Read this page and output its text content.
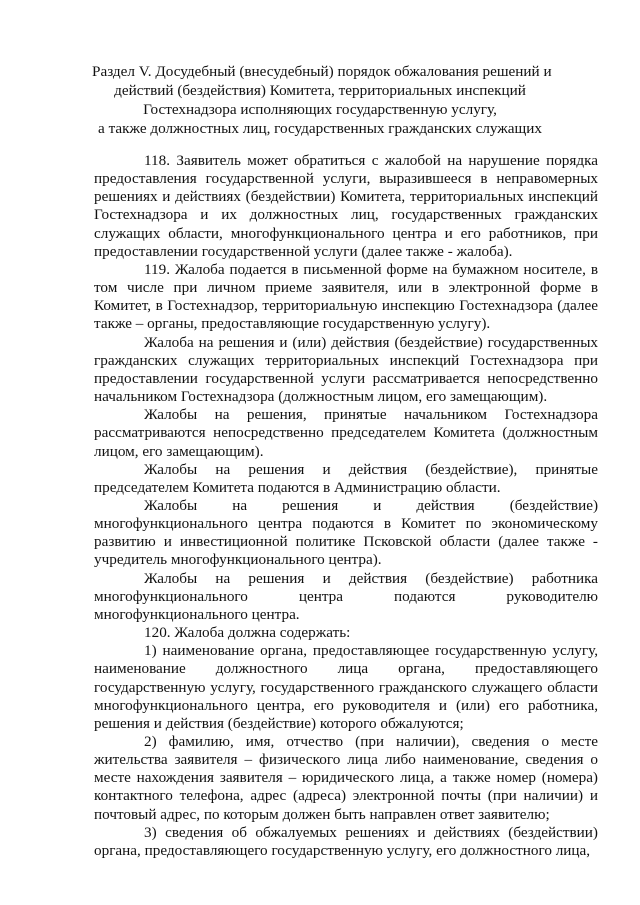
Раздел V. Досудебный (внесудебный) порядок обжалования решений и
действий (бездействия) Комитета, территориальных инспекций
Гостехнадзора исполняющих государственную услугу,
а также должностных лиц, государственных гражданских служащих

118. Заявитель может обратиться с жалобой на нарушение порядка предоставления государственной услуги, выразившееся в неправомерных решениях и действиях (бездействии) Комитета, территориальных инспекций Гостехнадзора и их должностных лиц, государственных гражданских служащих области, многофункционального центра и его работников, при предоставлении государственной услуги (далее также - жалоба).

119. Жалоба подается в письменной форме на бумажном носителе, в том числе при личном приеме заявителя, или в электронной форме в Комитет, в Гостехнадзор, территориальную инспекцию Гостехнадзора (далее также – органы, предоставляющие государственную услугу).

Жалоба на решения и (или) действия (бездействие) государственных гражданских служащих территориальных инспекций Гостехнадзора при предоставлении государственной услуги рассматривается непосредственно начальником Гостехнадзора (должностным лицом, его замещающим).

Жалобы на решения, принятые начальником Гостехнадзора рассматриваются непосредственно председателем Комитета (должностным лицом, его замещающим).

Жалобы на решения и действия (бездействие), принятые председателем Комитета подаются в Администрацию области.

Жалобы на решения и действия (бездействие) многофункционального центра подаются в Комитет по экономическому развитию и инвестиционной политике Псковской области (далее также - учредитель многофункционального центра).

Жалобы на решения и действия (бездействие) работника многофункционального центра подаются руководителю многофункционального центра.

120. Жалоба должна содержать:

1) наименование органа, предоставляющее государственную услугу, наименование должностного лица органа, предоставляющего государственную услугу, государственного гражданского служащего области многофункционального центра, его руководителя и (или) его работника, решения и действия (бездействие) которого обжалуются;

2) фамилию, имя, отчество (при наличии), сведения о месте жительства заявителя – физического лица либо наименование, сведения о месте нахождения заявителя – юридического лица, а также номер (номера) контактного телефона, адрес (адреса) электронной почты (при наличии) и почтовый адрес, по которым должен быть направлен ответ заявителю;

3) сведения об обжалуемых решениях и действиях (бездействии) органа, предоставляющего государственную услугу, его должностного лица,
